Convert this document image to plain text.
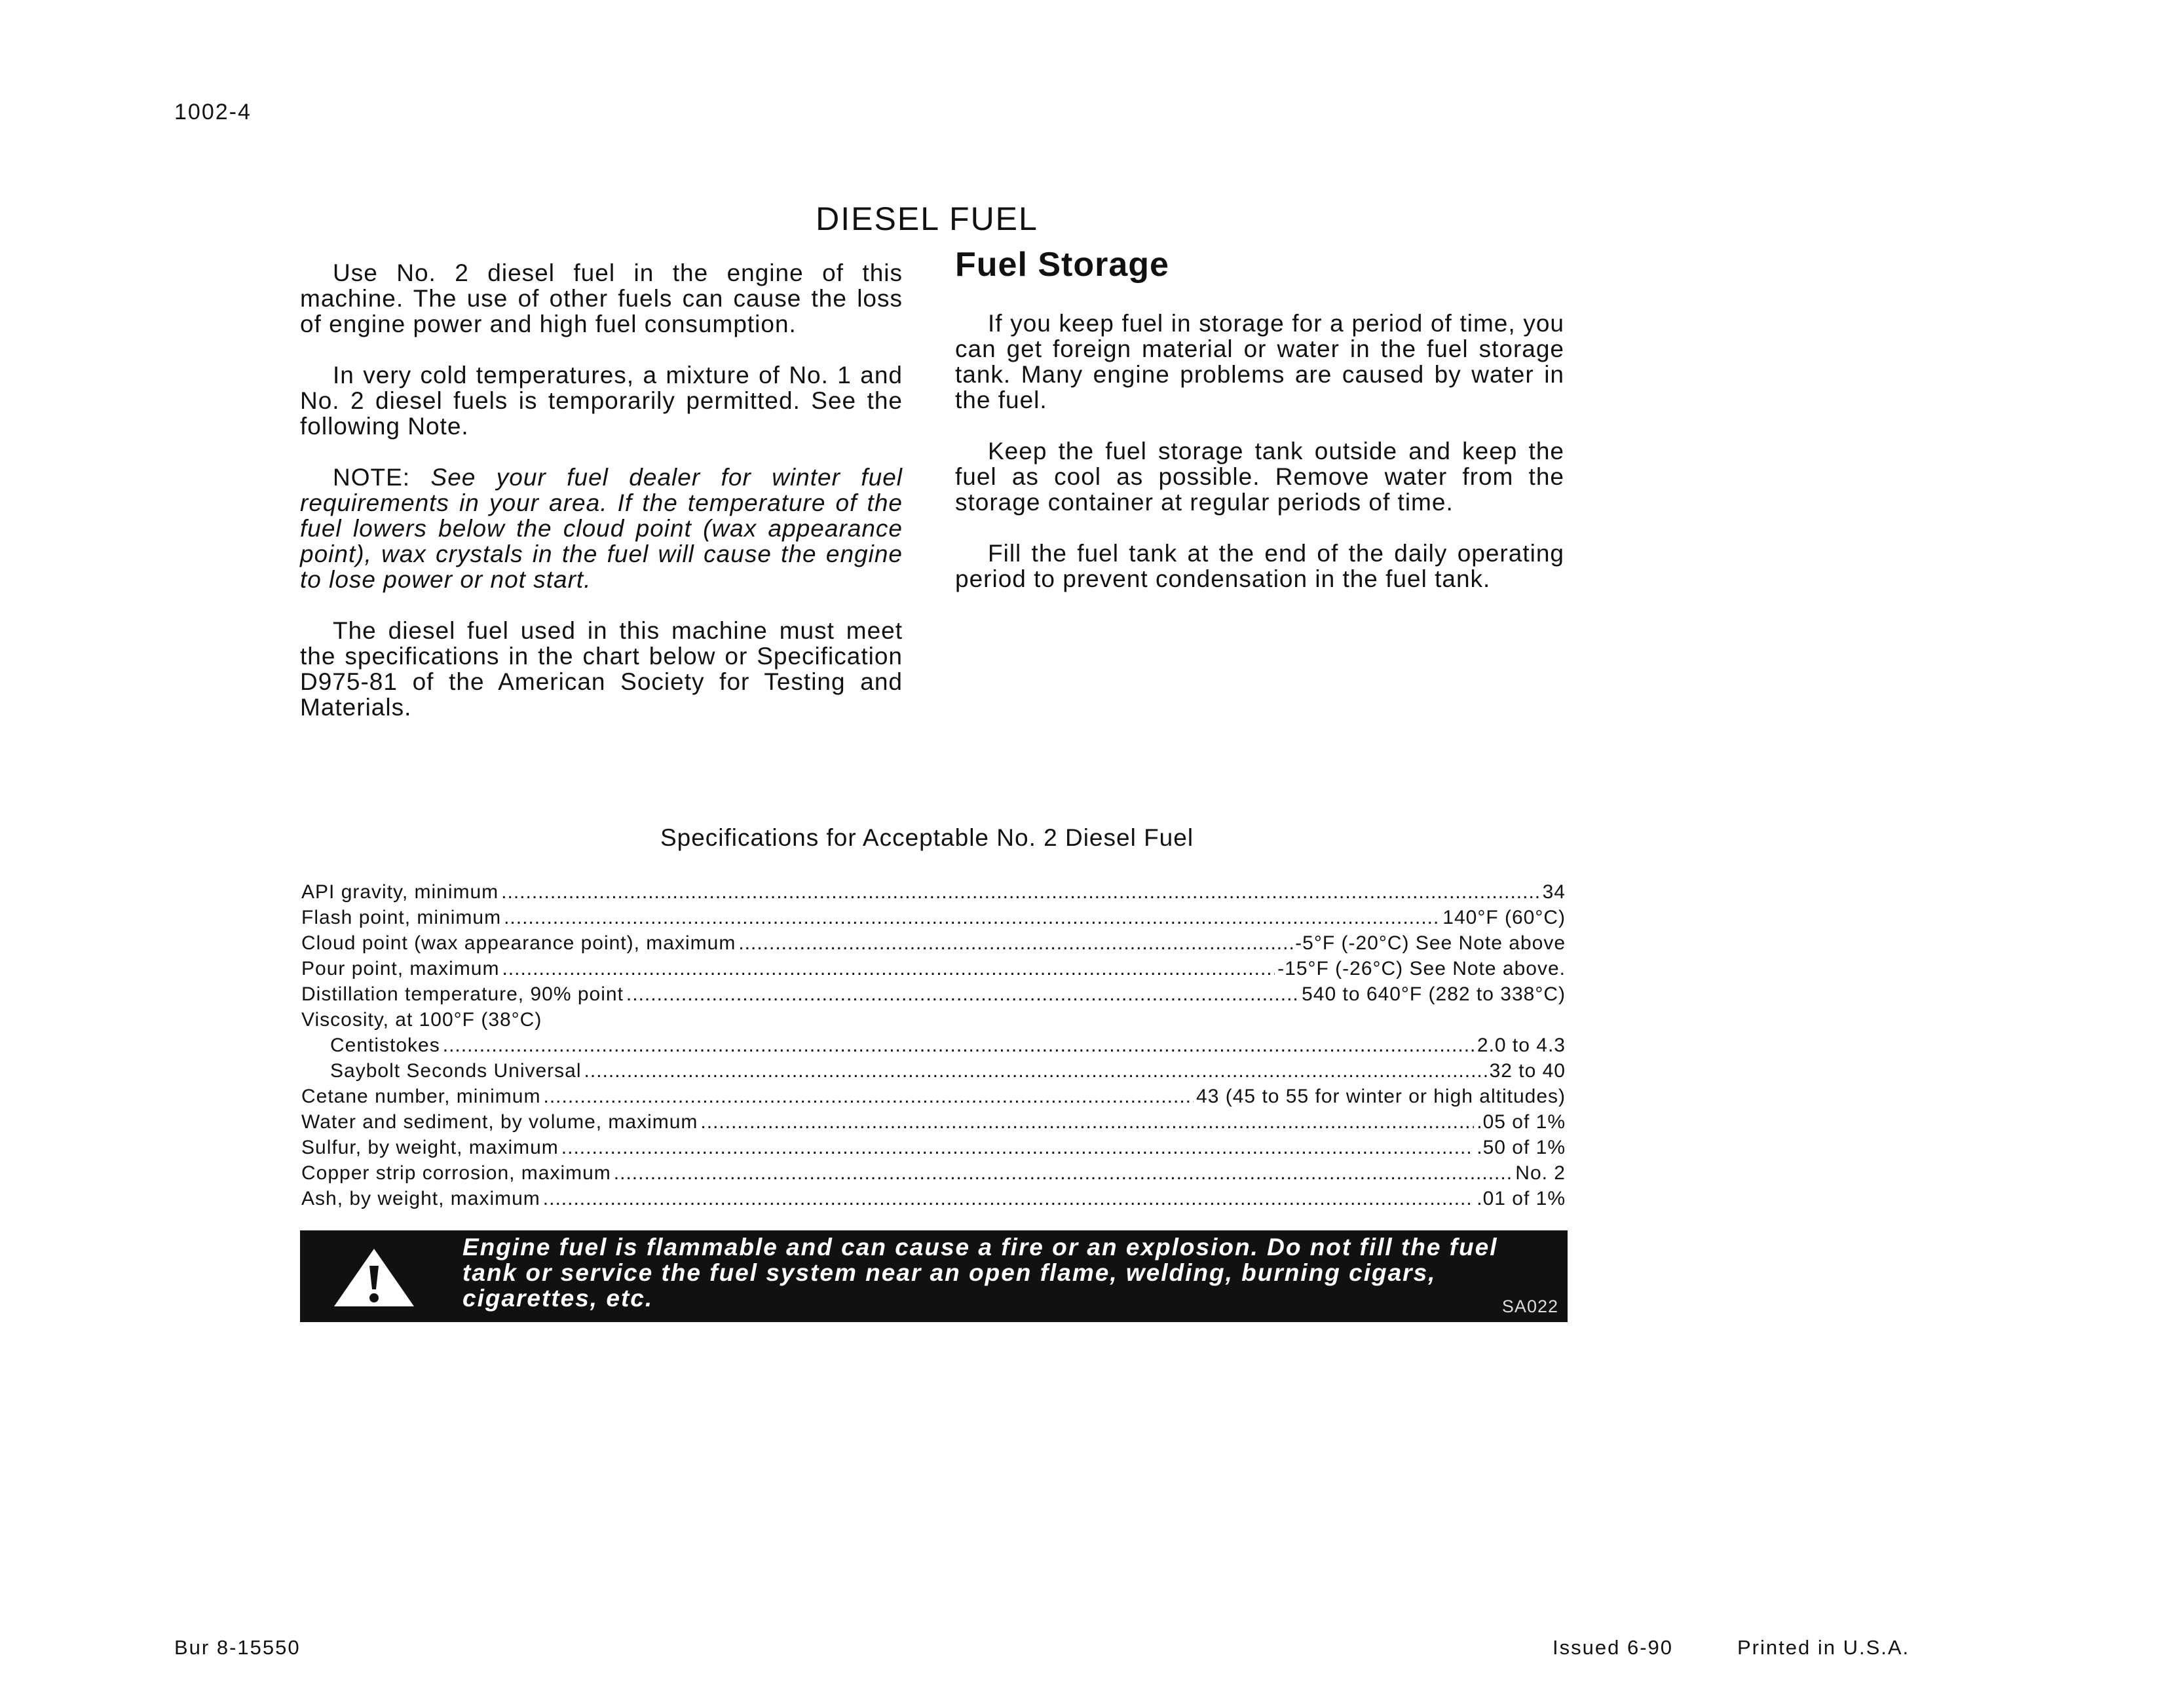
1002-4
DIESEL FUEL

Use No. 2 diesel fuel in the engine of this machine. The use of other fuels can cause the loss of engine power and high fuel consumption.

In very cold temperatures, a mixture of No. 1 and No. 2 diesel fuels is temporarily permitted. See the following Note.

NOTE: See your fuel dealer for winter fuel requirements in your area. If the temperature of the fuel lowers below the cloud point (wax appearance point), wax crystals in the fuel will cause the engine to lose power or not start.

The diesel fuel used in this machine must meet the specifications in the chart below or Specification D975-81 of the American Society for Testing and Materials.

Fuel Storage

If you keep fuel in storage for a period of time, you can get foreign material or water in the fuel storage tank. Many engine problems are caused by water in the fuel.

Keep the fuel storage tank outside and keep the fuel as cool as possible. Remove water from the storage container at regular periods of time.

Fill the fuel tank at the end of the daily operating period to prevent condensation in the fuel tank.

Specifications for Acceptable No. 2 Diesel Fuel
API gravity, minimum .....	34
Flash point, minimum .....	140°F (60°C)
Cloud point (wax appearance point), maximum .....	-5°F (-20°C) See Note above
Pour point, maximum .....	-15°F (-26°C) See Note above.
Distillation temperature, 90% point .....	540 to 640°F (282 to 338°C)
Viscosity, at 100°F (38°C)
Centistokes .....	2.0 to 4.3
Saybolt Seconds Universal .....	32 to 40
Cetane number, minimum .....	43 (45 to 55 for winter or high altitudes)
Water and sediment, by volume, maximum .....	.05 of 1%
Sulfur, by weight, maximum .....	.50 of 1%
Copper strip corrosion, maximum .....	No. 2
Ash, by weight, maximum .....	.01 of 1%
Engine fuel is flammable and can cause a fire or an explosion. Do not fill the fuel tank or service the fuel system near an open flame, welding, burning cigars, cigarettes, etc.	SA022
Bur 8-15550	Issued 6-90	Printed in U.S.A.
